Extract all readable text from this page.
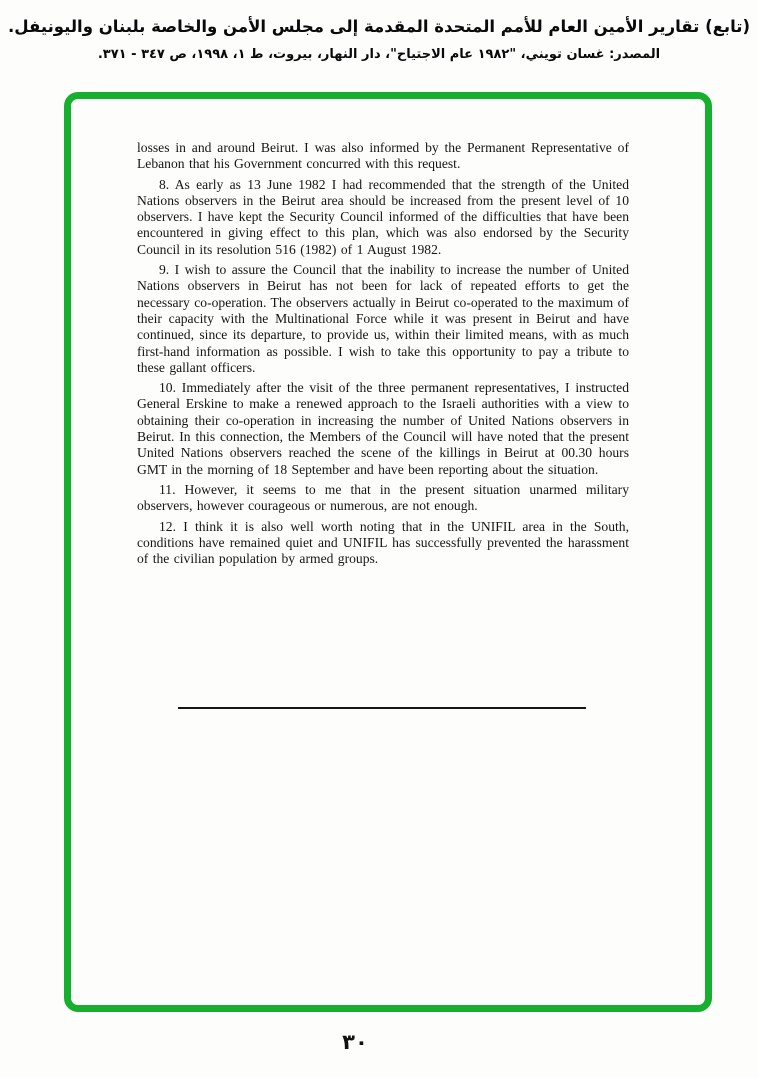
(تابع) تقارير الأمين العام للأمم المتحدة المقدمة إلى مجلس الأمن والخاصة بلبنان واليونيفل.
المصدر: غسان تويني، "١٩٨٢ عام الاجتياح"، دار النهار، بيروت، ط ١، ١٩٩٨، ص ٣٤٧ - ٣٧١.

losses in and around Beirut. I was also informed by the Permanent Representative of Lebanon that his Government concurred with this request.

8. As early as 13 June 1982 I had recommended that the strength of the United Nations observers in the Beirut area should be increased from the present level of 10 observers. I have kept the Security Council informed of the difficulties that have been encountered in giving effect to this plan, which was also endorsed by the Security Council in its resolution 516 (1982) of 1 August 1982.

9. I wish to assure the Council that the inability to increase the number of United Nations observers in Beirut has not been for lack of repeated efforts to get the necessary co-operation. The observers actually in Beirut co-operated to the maximum of their capacity with the Multinational Force while it was present in Beirut and have continued, since its departure, to provide us, within their limited means, with as much first-hand information as possible. I wish to take this opportunity to pay a tribute to these gallant officers.

10. Immediately after the visit of the three permanent representatives, I instructed General Erskine to make a renewed approach to the Israeli authorities with a view to obtaining their co-operation in increasing the number of United Nations observers in Beirut. In this connection, the Members of the Council will have noted that the present United Nations observers reached the scene of the killings in Beirut at 00.30 hours GMT in the morning of 18 September and have been reporting about the situation.

11. However, it seems to me that in the present situation unarmed military observers, however courageous or numerous, are not enough.

12. I think it is also well worth noting that in the UNIFIL area in the South, conditions have remained quiet and UNIFIL has successfully prevented the harassment of the civilian population by armed groups.

٣٠
